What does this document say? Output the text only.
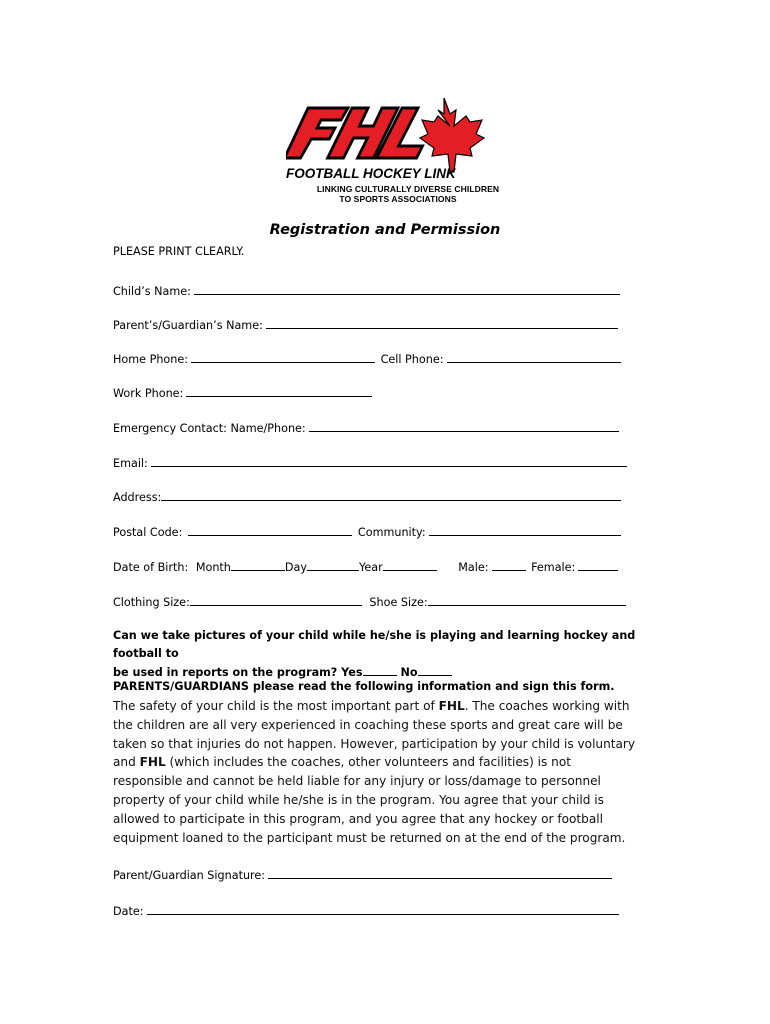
FOOTBALL HOCKEY LINK
LINKING CULTURALLY DIVERSE CHILDREN
TO SPORTS ASSOCIATIONS
Registration and Permission
PLEASE PRINT CLEARLY.
Child’s Name:
Parent’s/Guardian’s Name:
Home Phone:	Cell Phone:
Work Phone:
Emergency Contact: Name/Phone:
Email:
Address:
Postal Code:	Community:
Date of Birth: Month	Day	Year	Male:	Female:
Clothing Size:	Shoe Size:
Can we take pictures of your child while he/she is playing and learning hockey and football to
be used in reports on the program? Yes	No
PARENTS/GUARDIANS please read the following information and sign this form.

The safety of your child is the most important part of FHL. The coaches working with the children are all very experienced in coaching these sports and great care will be taken so that injuries do not happen. However, participation by your child is voluntary and FHL (which includes the coaches, other volunteers and facilities) is not responsible and cannot be held liable for any injury or loss/damage to personnel property of your child while he/she is in the program. You agree that your child is allowed to participate in this program, and you agree that any hockey or football equipment loaned to the participant must be returned on at the end of the program.

Parent/Guardian Signature:
Date:
